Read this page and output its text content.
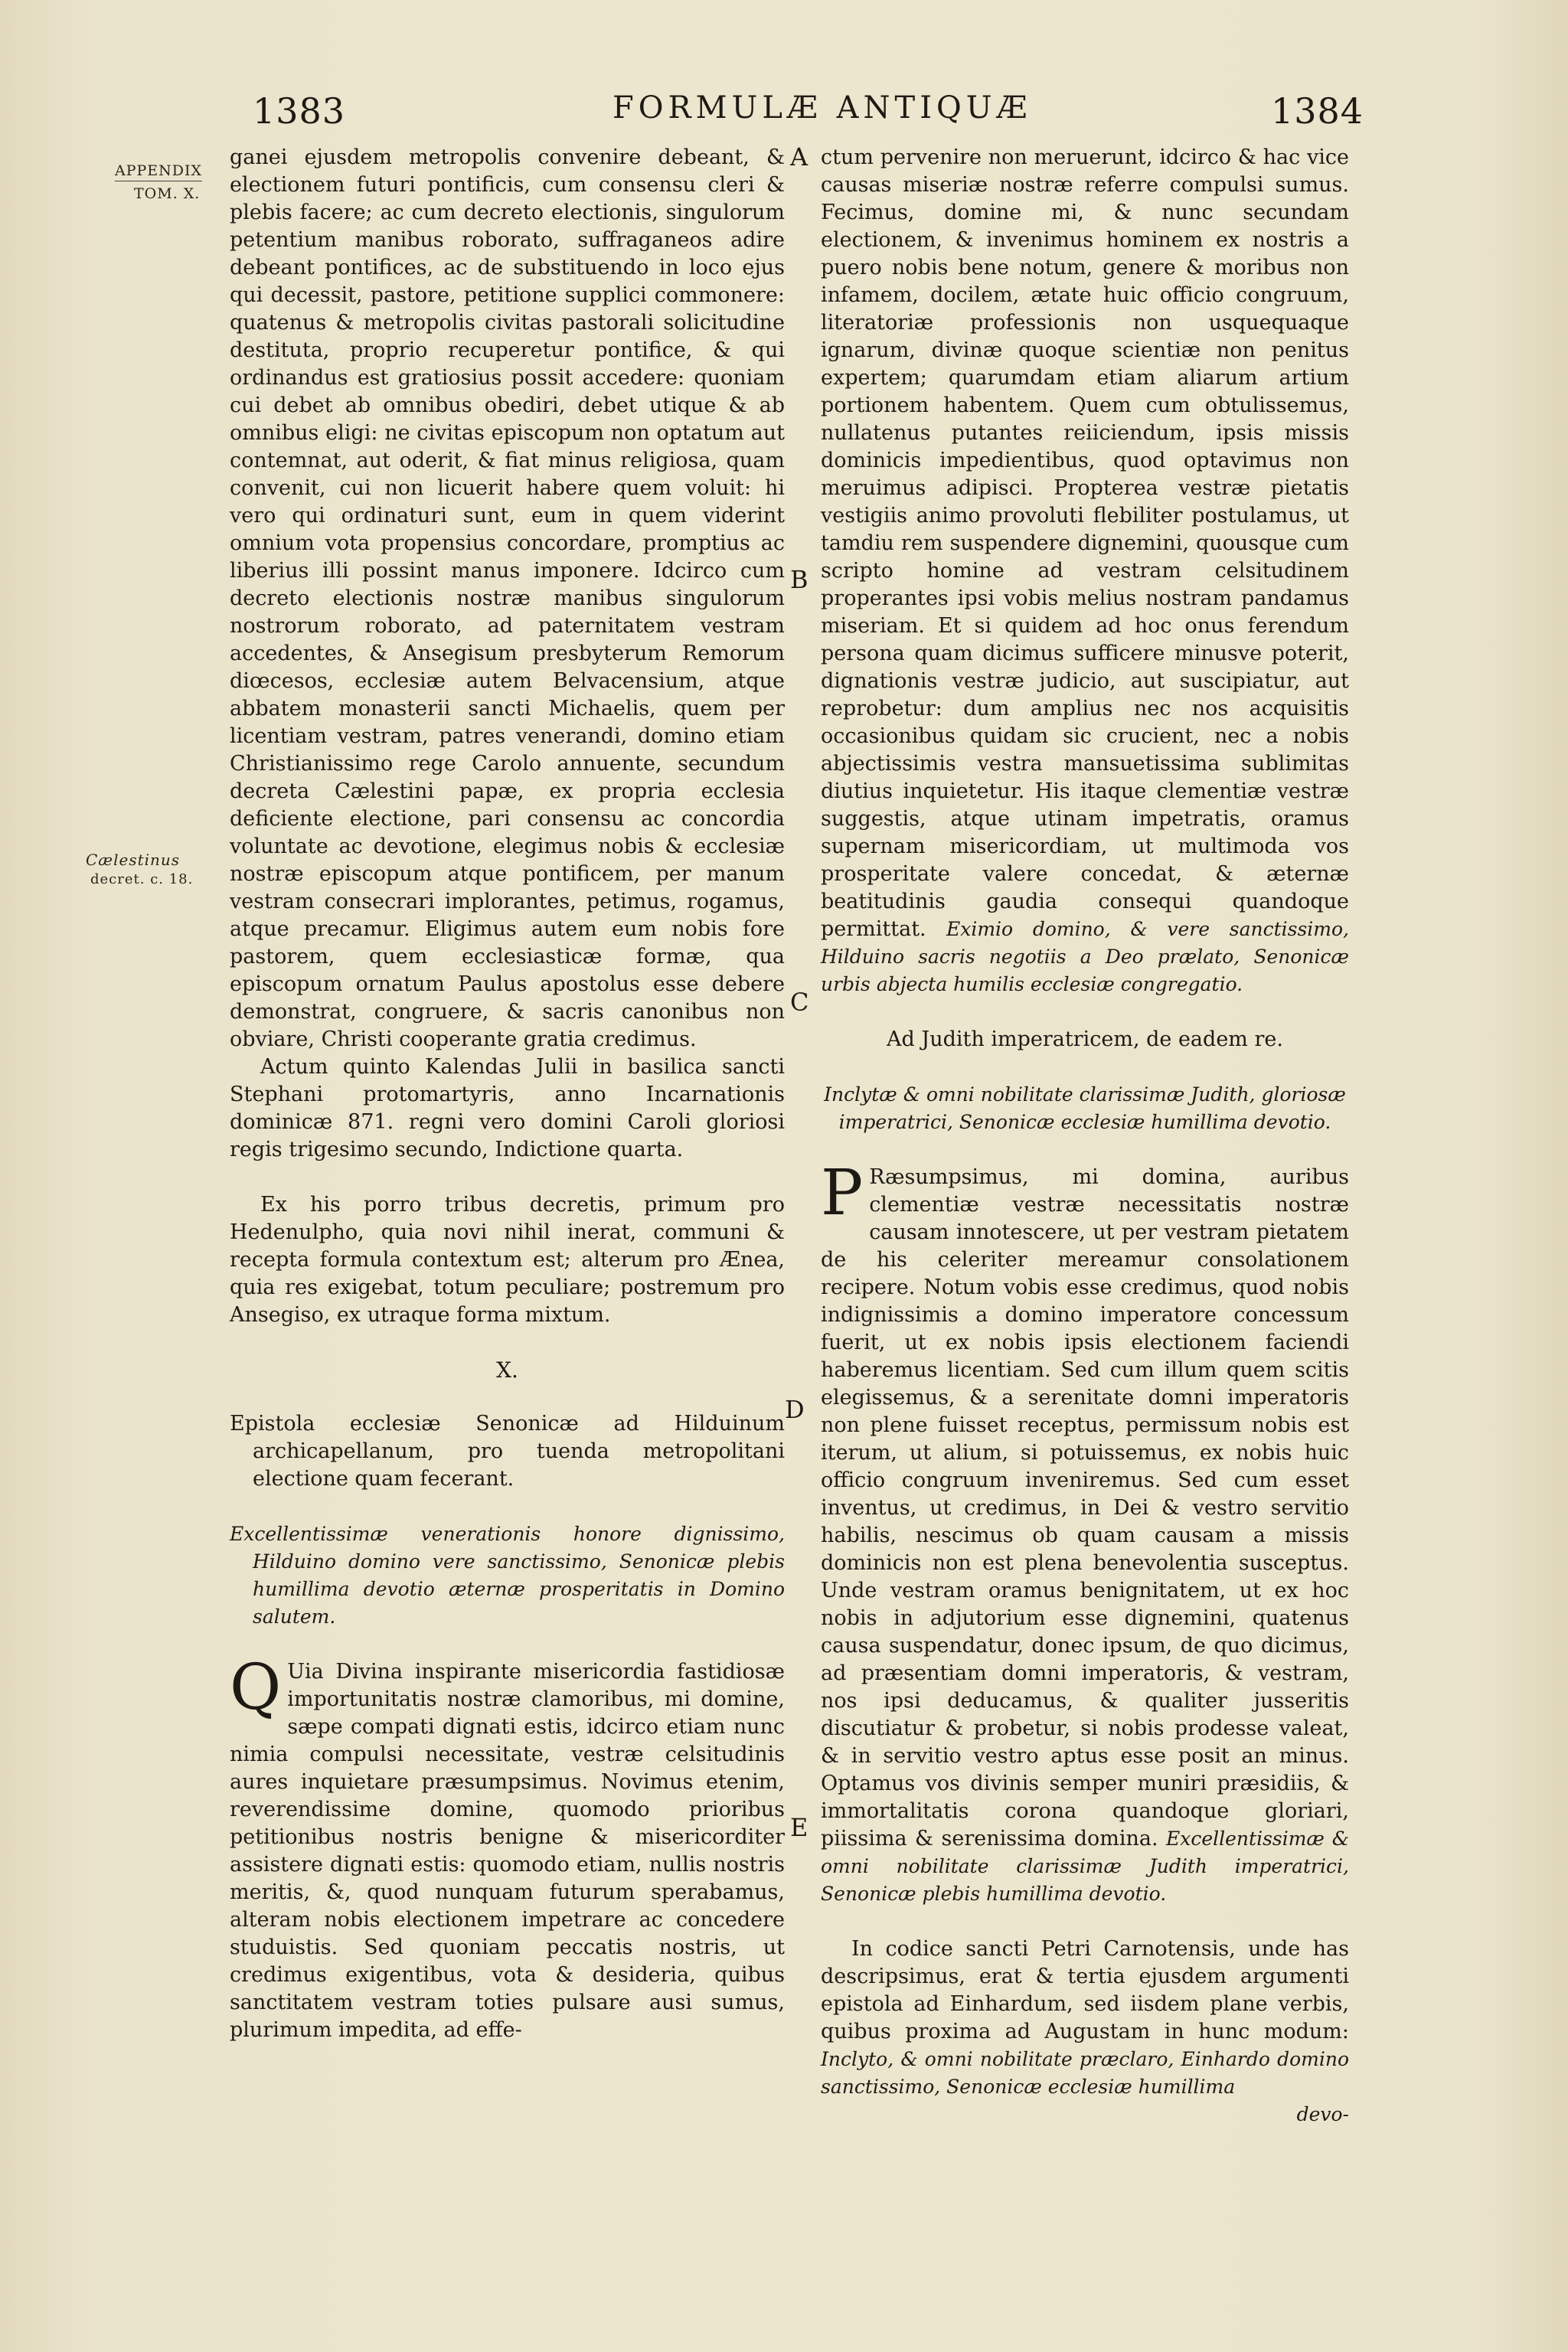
1383	FORMULÆ ANTIQUÆ	1384
APPENDIX
TOM. X.
Cælestinus
decret. c. 18.
A
B
C
D
E

ganei ejusdem metropolis convenire debeant, & electionem futuri pontificis, cum consensu cleri & plebis facere; ac cum decreto electionis, singulorum petentium manibus roborato, suffraganeos adire debeant pontifices, ac de substituendo in loco ejus qui decessit, pastore, petitione supplici commonere: quatenus & metropolis civitas pastorali solicitudine destituta, proprio recuperetur pontifice, & qui ordinandus est gratiosius possit accedere: quoniam cui debet ab omnibus obediri, debet utique & ab omnibus eligi: ne civitas episcopum non optatum aut contemnat, aut oderit, & fiat minus religiosa, quam convenit, cui non licuerit habere quem voluit: hi vero qui ordinaturi sunt, eum in quem viderint omnium vota propensius concordare, promptius ac liberius illi possint manus imponere. Idcirco cum decreto electionis nostræ manibus singulorum nostrorum roborato, ad paternitatem vestram accedentes, & Ansegisum presbyterum Remorum diœcesos, ecclesiæ autem Belvacensium, atque abbatem monasterii sancti Michaelis, quem per licentiam vestram, patres venerandi, domino etiam Christianissimo rege Carolo annuente, secundum decreta Cælestini papæ, ex propria ecclesia deficiente electione, pari consensu ac concordia voluntate ac devotione, elegimus nobis & ecclesiæ nostræ episcopum atque pontificem, per manum vestram consecrari implorantes, petimus, rogamus, atque precamur. Eligimus autem eum nobis fore pastorem, quem ecclesiasticæ formæ, qua episcopum ornatum Paulus apostolus esse debere demonstrat, congruere, & sacris canonibus non obviare, Christi cooperante gratia credimus.

Actum quinto Kalendas Julii in basilica sancti Stephani protomartyris, anno Incarnationis dominicæ 871. regni vero domini Caroli gloriosi regis trigesimo secundo, Indictione quarta.

Ex his porro tribus decretis, primum pro Hedenulpho, quia novi nihil inerat, communi & recepta formula contextum est; alterum pro Ænea, quia res exigebat, totum peculiare; postremum pro Ansegiso, ex utraque forma mixtum.

X.

Epistola ecclesiæ Senonicæ ad Hilduinum archicapellanum, pro tuenda metropolitani electione quam fecerant.

Excellentissimæ venerationis honore dignissimo, Hilduino domino vere sanctissimo, Senonicæ plebis humillima devotio æternæ prosperitatis in Domino salutem.

Q Uia Divina inspirante misericordia fastidiosæ importunitatis nostræ clamoribus, mi domine, sæpe compati dignati estis, idcirco etiam nunc nimia compulsi necessitate, vestræ celsitudinis aures inquietare præsumpsimus. Novimus etenim, reverendissime domine, quomodo prioribus petitionibus nostris benigne & misericorditer assistere dignati estis: quomodo etiam, nullis nostris meritis, &, quod nunquam futurum sperabamus, alteram nobis electionem impetrare ac concedere studuistis. Sed quoniam peccatis nostris, ut credimus exigentibus, vota & desideria, quibus sanctitatem vestram toties pulsare ausi sumus, plurimum impedita, ad effe-

ctum pervenire non meruerunt, idcirco & hac vice causas miseriæ nostræ referre compulsi sumus. Fecimus, domine mi, & nunc secundam electionem, & invenimus hominem ex nostris a puero nobis bene notum, genere & moribus non infamem, docilem, ætate huic officio congruum, literatoriæ professionis non usquequaque ignarum, divinæ quoque scientiæ non penitus expertem; quarumdam etiam aliarum artium portionem habentem. Quem cum obtulissemus, nullatenus putantes reiiciendum, ipsis missis dominicis impedientibus, quod optavimus non meruimus adipisci. Propterea vestræ pietatis vestigiis animo provoluti flebiliter postulamus, ut tamdiu rem suspendere dignemini, quousque cum scripto homine ad vestram celsitudinem properantes ipsi vobis melius nostram pandamus miseriam. Et si quidem ad hoc onus ferendum persona quam dicimus sufficere minusve poterit, dignationis vestræ judicio, aut suscipiatur, aut reprobetur: dum amplius nec nos acquisitis occasionibus quidam sic crucient, nec a nobis abjectissimis vestra mansuetissima sublimitas diutius inquietetur. His itaque clementiæ vestræ suggestis, atque utinam impetratis, oramus supernam misericordiam, ut multimoda vos prosperitate valere concedat, & æternæ beatitudinis gaudia consequi quandoque permittat. Eximio domino, & vere sanctissimo, Hilduino sacris negotiis a Deo prælato, Senonicæ urbis abjecta humilis ecclesiæ congregatio.

Ad Judith imperatricem, de eadem re.

Inclytæ & omni nobilitate clarissimæ Judith, gloriosæ imperatrici, Senonicæ ecclesiæ humillima devotio.

P Ræsumpsimus, mi domina, auribus clementiæ vestræ necessitatis nostræ causam innotescere, ut per vestram pietatem de his celeriter mereamur consolationem recipere. Notum vobis esse credimus, quod nobis indignissimis a domino imperatore concessum fuerit, ut ex nobis ipsis electionem faciendi haberemus licentiam. Sed cum illum quem scitis elegissemus, & a serenitate domni imperatoris non plene fuisset receptus, permissum nobis est iterum, ut alium, si potuissemus, ex nobis huic officio congruum inveniremus. Sed cum esset inventus, ut credimus, in Dei & vestro servitio habilis, nescimus ob quam causam a missis dominicis non est plena benevolentia susceptus. Unde vestram oramus benignitatem, ut ex hoc nobis in adjutorium esse dignemini, quatenus causa suspendatur, donec ipsum, de quo dicimus, ad præsentiam domni imperatoris, & vestram, nos ipsi deducamus, & qualiter jusseritis discutiatur & probetur, si nobis prodesse valeat, & in servitio vestro aptus esse posit an minus. Optamus vos divinis semper muniri præsidiis, & immortalitatis corona quandoque gloriari, piissima & serenissima domina. Excellentissimæ & omni nobilitate clarissimæ Judith imperatrici, Senonicæ plebis humillima devotio.

In codice sancti Petri Carnotensis, unde has descripsimus, erat & tertia ejusdem argumenti epistola ad Einhardum, sed iisdem plane verbis, quibus proxima ad Augustam in hunc modum: Inclyto, & omni nobilitate præclaro, Einhardo domino sanctissimo, Senonicæ ecclesiæ humillima

devo-
